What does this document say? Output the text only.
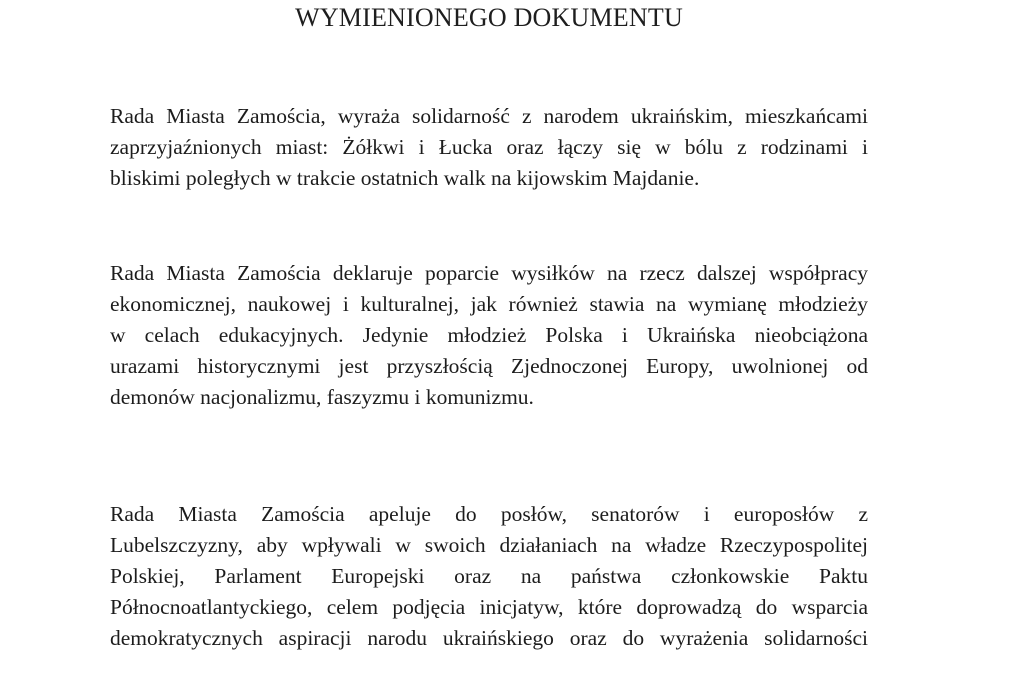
WYMIENIONEGO DOKUMENTU
Rada Miasta Zamościa, wyraża solidarność z narodem ukraińskim, mieszkańcami
zaprzyjaźnionych miast: Żółkwi i Łucka oraz łączy się w bólu z rodzinami i
bliskimi poległych w trakcie ostatnich walk na kijowskim Majdanie.
Rada Miasta Zamościa deklaruje poparcie wysiłków na rzecz dalszej współpracy
ekonomicznej, naukowej i kulturalnej, jak również stawia na wymianę młodzieży
w celach edukacyjnych. Jedynie młodzież Polska i Ukraińska nieobciążona
urazami historycznymi jest przyszłością Zjednoczonej Europy, uwolnionej od
demonów nacjonalizmu, faszyzmu i komunizmu.
Rada Miasta Zamościa apeluje do posłów, senatorów i europosłów z
Lubelszczyzny, aby wpływali w swoich działaniach na władze Rzeczypospolitej
Polskiej, Parlament Europejski oraz na państwa członkowskie Paktu
Północnoatlantyckiego, celem podjęcia inicjatyw, które doprowadzą do wsparcia
demokratycznych aspiracji narodu ukraińskiego oraz do wyrażenia solidarności
